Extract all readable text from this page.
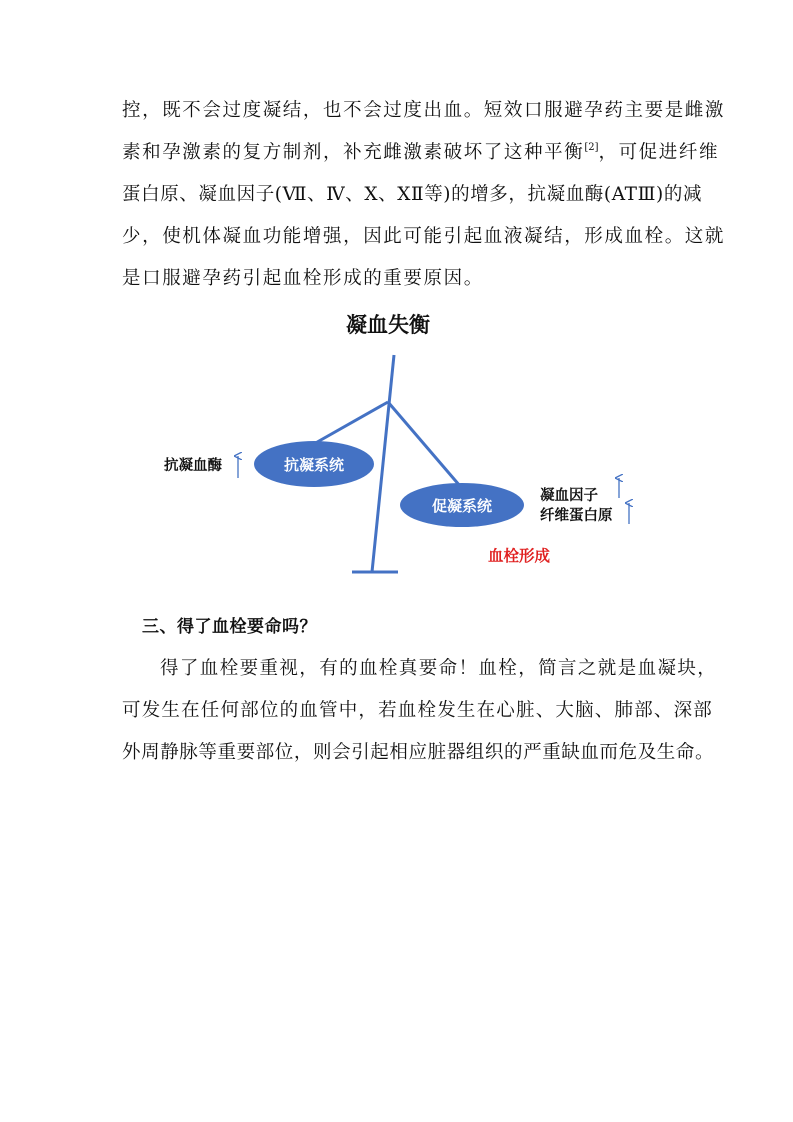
控，既不会过度凝结，也不会过度出血。短效口服避孕药主要是雌激
素和孕激素的复方制剂，补充雌激素破坏了这种平衡[2]，可促进纤维
蛋白原、凝血因子(Ⅶ、Ⅳ、Ⅹ、ⅩⅡ等)的增多，抗凝血酶(ATⅢ)的减
少，使机体凝血功能增强，因此可能引起血液凝结，形成血栓。这就
是口服避孕药引起血栓形成的重要原因。
凝血失衡
抗凝系统
促凝系统
抗凝血酶
凝血因子
纤维蛋白原
血栓形成
三、得了血栓要命吗？
得了血栓要重视，有的血栓真要命！血栓，简言之就是血凝块，
可发生在任何部位的血管中，若血栓发生在心脏、大脑、肺部、深部
外周静脉等重要部位，则会引起相应脏器组织的严重缺血而危及生命。
